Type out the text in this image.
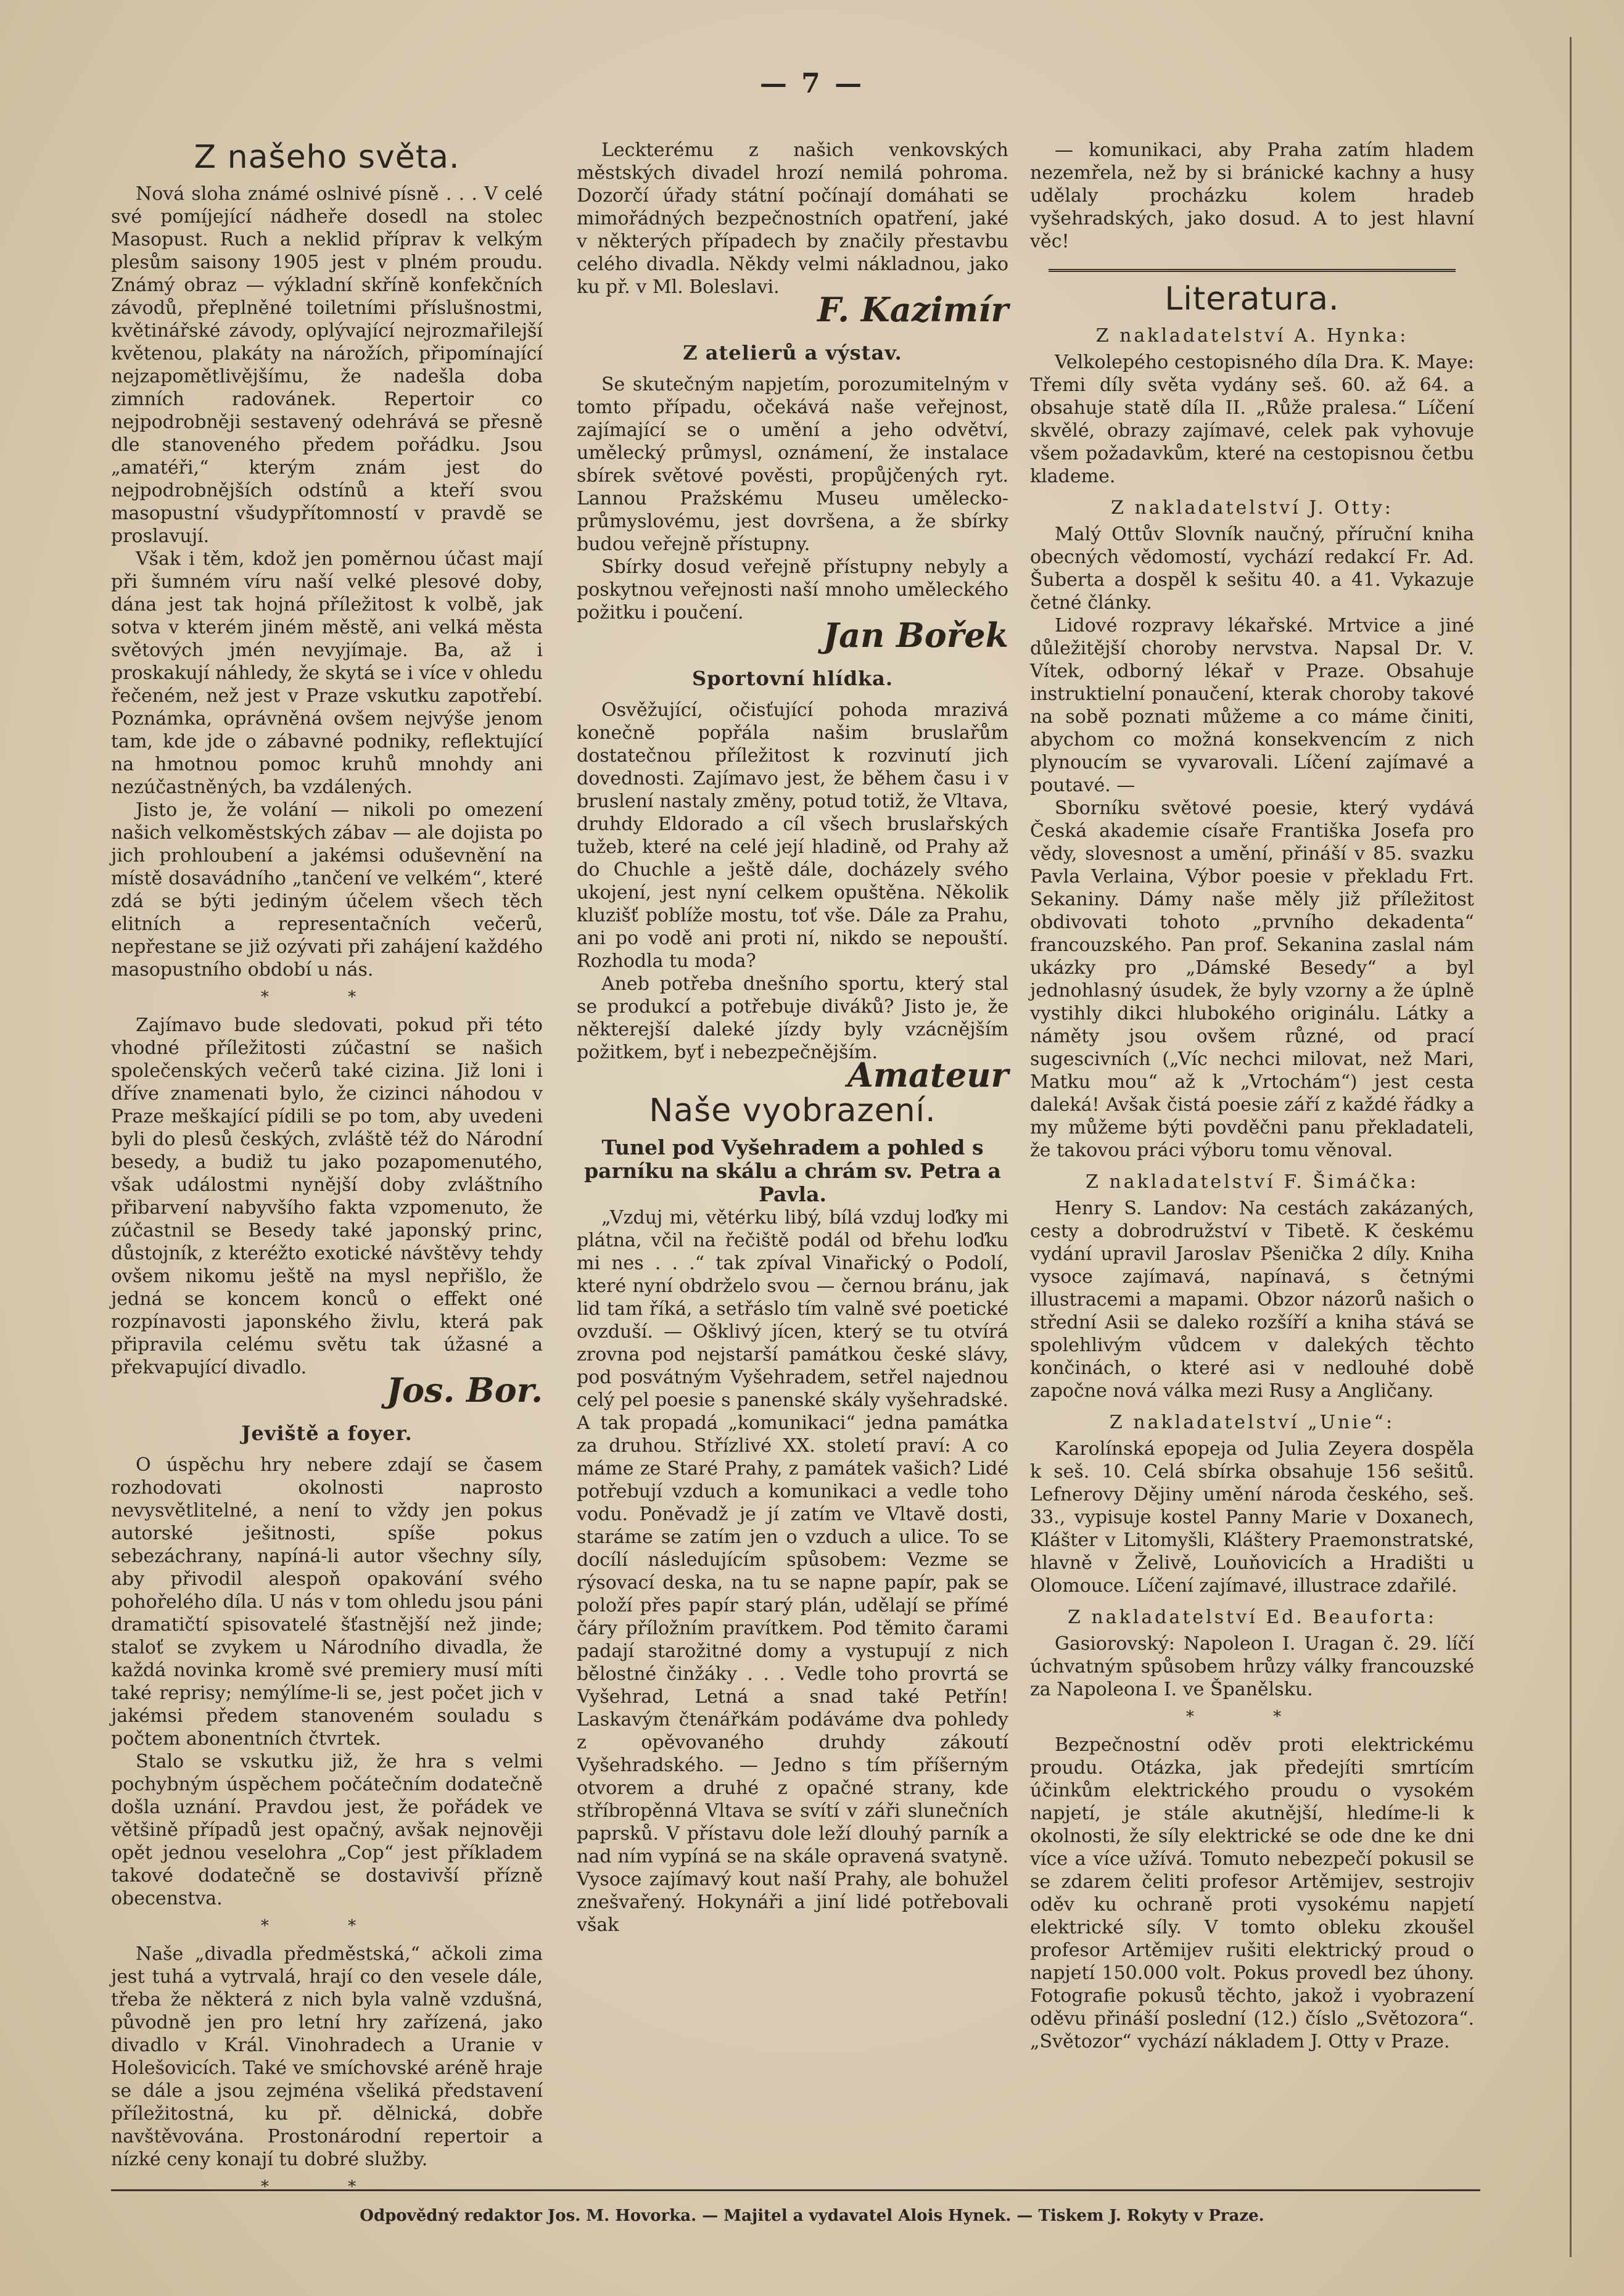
— 7 —
Z našeho světa.

Nová sloha známé oslnivé písně . . . V celé své pomíjející nádheře dosedl na stolec Masopust. Ruch a neklid příprav k velkým plesům saisony 1905 jest v plném proudu. Známý obraz — výkladní skříně konfekčních závodů, přeplněné toiletními příslušnostmi, květinářské závody, oplývající nejrozmařilejší květenou, plakáty na nárožích, připomínající nejzapomětlivějšímu, že nadešla doba zimních radovánek. Repertoir co nejpodrobněji sestavený odehrává se přesně dle stanoveného předem pořádku. Jsou „amatéři,“ kterým znám jest do nejpodrobnějších odstínů a kteří svou masopustní všudypřítomností v pravdě se proslavují.

Však i těm, kdož jen poměrnou účast mají při šumném víru naší velké plesové doby, dána jest tak hojná příležitost k volbě, jak sotva v kterém jiném městě, ani velká města světových jmén nevyjímaje. Ba, až i proskakují náhledy, že skytá se i více v ohledu řečeném, než jest v Praze vskutku zapotřebí. Poznámka, oprávněná ovšem nejvýše jenom tam, kde jde o zábavné podniky, reflektující na hmotnou pomoc kruhů mnohdy ani nezúčastněných, ba vzdálených.

Jisto je, že volání — nikoli po omezení našich velkoměstských zábav — ale dojista po jich prohloubení a jakémsi oduševnění na místě dosavádního „tančení ve velkém“, které zdá se býti jediným účelem všech těch elitních a representačních večerů, nepřestane se již ozývati při zahájení každého masopustního období u nás.

* *

Zajímavo bude sledovati, pokud při této vhodné příležitosti zúčastní se našich společenských večerů také cizina. Již loni i dříve znamenati bylo, že cizinci náhodou v Praze meškající pídili se po tom, aby uvedeni byli do plesů českých, zvláště též do Národní besedy, a budiž tu jako pozapomenutého, však událostmi nynější doby zvláštního přibarvení nabyvšího fakta vzpomenuto, že zúčastnil se Besedy také japonský princ, důstojník, z kteréžto exotické návštěvy tehdy ovšem nikomu ještě na mysl nepřišlo, že jedná se koncem konců o effekt oné rozpínavosti japonského živlu, která pak připravila celému světu tak úžasné a překvapující divadlo.

Jos. Bor.
Jeviště a foyer.

O úspěchu hry nebere zdají se časem rozhodovati okolnosti naprosto nevysvětlitelné, a není to vždy jen pokus autorské ješitnosti, spíše pokus sebezáchrany, napíná-li autor všechny síly, aby přivodil alespoň opakování svého pohořelého díla. U nás v tom ohledu jsou páni dramatičtí spisovatelé šťastnější než jinde; staloť se zvykem u Národního divadla, že každá novinka kromě své premiery musí míti také reprisy; nemýlíme-li se, jest počet jich v jakémsi předem stanoveném souladu s počtem abonentních čtvrtek.

Stalo se vskutku již, že hra s velmi pochybným úspěchem počátečním dodatečně došla uznání. Pravdou jest, že pořádek ve většině případů jest opačný, avšak nejnověji opět jednou veselohra „Cop“ jest příkladem takové dodatečně se dostavivší přízně obecenstva.

* *

Naše „divadla předměstská,“ ačkoli zima jest tuhá a vytrvalá, hrají co den vesele dále, třeba že některá z nich byla valně vzdušná, původně jen pro letní hry zařízená, jako divadlo v Král. Vinohradech a Uranie v Holešovicích. Také ve smíchovské aréně hraje se dále a jsou zejména všeliká představení příležitostná, ku př. dělnická, dobře navštěvována. Prostonárodní repertoir a nízké ceny konají tu dobré služby.

* *

Leckterému z našich venkovských městských divadel hrozí nemilá pohroma. Dozorčí úřady státní počínají domáhati se mimořádných bezpečnostních opatření, jaké v některých případech by značily přestavbu celého divadla. Někdy velmi nákladnou, jako ku př. v Ml. Boleslavi.

F. Kazimír
Z atelierů a výstav.

Se skutečným napjetím, porozumitelným v tomto případu, očekává naše veřejnost, zajímající se o umění a jeho odvětví, umělecký průmysl, oznámení, že instalace sbírek světové pověsti, propůjčených ryt. Lannou Pražskému Museu umělecko-průmyslovému, jest dovršena, a že sbírky budou veřejně přístupny.

Sbírky dosud veřejně přístupny nebyly a poskytnou veřejnosti naší mnoho uměleckého požitku i poučení.

Jan Bořek
Sportovní hlídka.

Osvěžující, očisťující pohoda mrazivá konečně popřála našim bruslařům dostatečnou příležitost k rozvinutí jich dovednosti. Zajímavo jest, že během času i v bruslení nastaly změny, potud totiž, že Vltava, druhdy Eldorado a cíl všech bruslařských tužeb, které na celé její hladině, od Prahy až do Chuchle a ještě dále, docházely svého ukojení, jest nyní celkem opuštěna. Několik kluzišť poblíže mostu, toť vše. Dále za Prahu, ani po vodě ani proti ní, nikdo se nepouští. Rozhodla tu moda?

Aneb potřeba dnešního sportu, který stal se produkcí a potřebuje diváků? Jisto je, že některejší daleké jízdy byly vzácnějším požitkem, byť i nebezpečnějším.

Amateur
Naše vyobrazení.

Tunel pod Vyšehradem a pohled s parníku na skálu a chrám sv. Petra a Pavla.

„Vzduj mi, větérku libý, bílá vzduj loďky mi plátna, včil na řečiště podál od břehu loďku mi nes . . .“ tak zpíval Vinařický o Podolí, které nyní obdrželo svou — černou bránu, jak lid tam říká, a setřáslo tím valně své poetické ovzduší. — Ošklivý jícen, který se tu otvírá zrovna pod nejstarší památkou české slávy, pod posvátným Vyšehradem, setřel najednou celý pel poesie s panenské skály vyšehradské. A tak propadá „komunikaci“ jedna památka za druhou. Střízlivé XX. století praví: A co máme ze Staré Prahy, z památek vašich? Lidé potřebují vzduch a komunikaci a vedle toho vodu. Poněvadž je jí zatím ve Vltavě dosti, starámе se zatím jen o vzduch a ulice. To se docílí následujícím spůsobem: Vezme se rýsovací deska, na tu se napne papír, pak se položí přes papír starý plán, udělají se přímé čáry příložním pravítkem. Pod těmito čarami padají starožitné domy a vystupují z nich bělostné činžáky . . . Vedle toho provrtá se Vyšehrad, Letná a snad také Petřín! Laskavým čtenářkám podáváme dva pohledy z opěvovaného druhdy zákoutí Vyšehradského. — Jedno s tím příšerným otvorem a druhé z opačné strany, kde stříbropěnná Vltava se svítí v záři slunečních paprsků. V přístavu dole leží dlouhý parník a nad ním vypíná se na skále opravená svatyně. Vysoce zajímavý kout naší Prahy, ale bohužel znešvařený. Hokynáři a jiní lidé potřebovali však

— komunikaci, aby Praha zatím hladem nezemřela, než by si bránické kachny a husy udělaly procházku kolem hradeb vyšehradských, jako dosud. A to jest hlavní věc!

Literatura.
Z nakladatelství A. Hynka:

Velkolepého cestopisného díla Dra. K. Maye: Třemi díly světa vydány seš. 60. až 64. a obsahuje statě díla II. „Růže pralesa.“ Líčení skvělé, obrazy zajímavé, celek pak vyhovuje všem požadavkům, které na cestopisnou četbu klademe.

Z nakladatelství J. Otty:

Malý Ottův Slovník naučný, příruční kniha obecných vědomostí, vychází redakcí Fr. Ad. Šuberta a dospěl k sešitu 40. a 41. Vykazuje četné články.

Lidové rozpravy lékařské. Mrtvice a jiné důležitější choroby nervstva. Napsal Dr. V. Vítek, odborný lékař v Praze. Obsahuje instruktielní ponaučení, kterak choroby takové na sobě poznati můžeme a co máme činiti, abychom co možná konsekvencím z nich plynoucím se vyvarovali. Líčení zajímavé a poutavé. —

Sborníku světové poesie, který vydává Česká akademie císaře Františka Josefa pro vědy, slovesnost a umění, přináší v 85. svazku Pavla Verlaina, Výbor poesie v překladu Frt. Sekaniny. Dámy naše měly již příležitost obdivovati tohoto „prvního dekadenta“ francouzského. Pan prof. Sekanina zaslal nám ukázky pro „Dámské Besedy“ a byl jednohlasný úsudek, že byly vzorny a že úplně vystihly dikci hlubokého originálu. Látky a náměty jsou ovšem různé, od prací sugescivních („Víc nechci milovat, než Mari, Matku mou“ až k „Vrtochám“) jest cesta daleká! Avšak čistá poesie září z každé řádky a my můžeme býti povděčni panu překladateli, že takovou práci výboru tomu věnoval.

Z nakladatelství F. Šimáčka:

Henry S. Landov: Na cestách zakázaných, cesty a dobrodružství v Tibetě. K českému vydání upravil Jaroslav Pšenička 2 díly. Kniha vysoce zajímavá, napínavá, s četnými illustracemi a mapami. Obzor názorů našich o střední Asii se daleko rozšíří a kniha stává se spolehlivým vůdcem v dalekých těchto končinách, o které asi v nedlouhé době započne nová válka mezi Rusy a Angličany.

Z nakladatelství „Unie“:

Karolínská epopeja od Julia Zeyera dospěla k seš. 10. Celá sbírka obsahuje 156 sešitů. Lefnerovy Dějiny umění národa českého, seš. 33., vypisuje kostel Panny Marie v Doxanech, Klášter v Litomyšli, Kláštery Praemonstratské, hlavně v Želivě, Louňovicích a Hradišti u Olomouce. Líčení zajímavé, illustrace zdařilé.

Z nakladatelství Ed. Beauforta:

Gasiorovský: Napoleon I. Uragan č. 29. líčí úchvatným spůsobem hrůzy války francouzské za Napoleona I. ve Španělsku.

* *

Bezpečnostní oděv proti elektrickému proudu. Otázka, jak předejíti smrtícím účinkům elektrického proudu o vysokém napjetí, je stále akutnější, hledíme-li k okolnosti, že síly elektrické se ode dne ke dni více a více užívá. Tomuto nebezpečí pokusil se se zdarem čeliti profesor Artěmijev, sestrojiv oděv ku ochraně proti vysokému napjetí elektrické síly. V tomto obleku zkoušel profesor Artěmijev rušiti elektrický proud o napjetí 150.000 volt. Pokus provedl bez úhony. Fotografie pokusů těchto, jakož i vyobrazení oděvu přináší poslední (12.) číslo „Světozora“. „Světozor“ vychází nákladem J. Otty v Praze.

Odpovědný redaktor Jos. M. Hovorka. — Majitel a vydavatel Alois Hynek. — Tiskem J. Rokyty v Praze.
